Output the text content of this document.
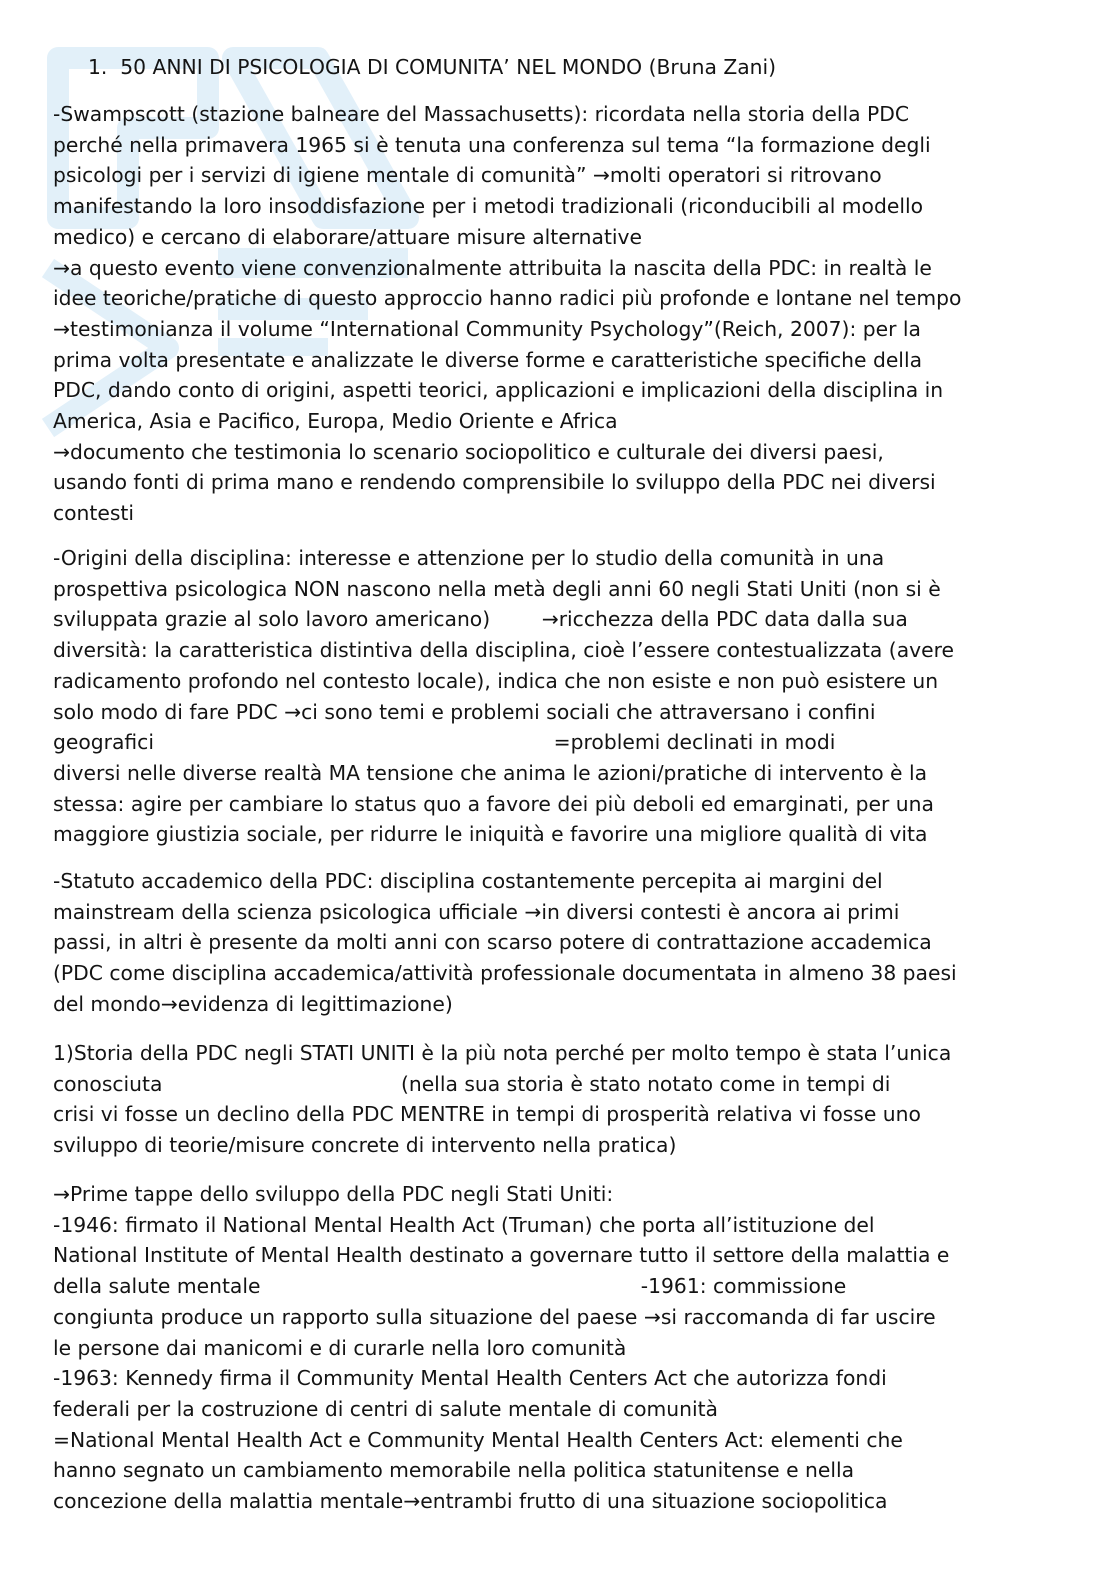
1.  50 ANNI DI PSICOLOGIA DI COMUNITA’ NEL MONDO (Bruna Zani)
-Swampscott (stazione balneare del Massachusetts): ricordata nella storia della PDC
perché nella primavera 1965 si è tenuta una conferenza sul tema “la formazione degli
psicologi per i servizi di igiene mentale di comunità” →molti operatori si ritrovano
manifestando la loro insoddisfazione per i metodi tradizionali (riconducibili al modello
medico) e cercano di elaborare/attuare misure alternative
→a questo evento viene convenzionalmente attribuita la nascita della PDC: in realtà le
idee teoriche/pratiche di questo approccio hanno radici più profonde e lontane nel tempo
→testimonianza il volume “International Community Psychology”(Reich, 2007): per la
prima volta presentate e analizzate le diverse forme e caratteristiche specifiche della
PDC, dando conto di origini, aspetti teorici, applicazioni e implicazioni della disciplina in
America, Asia e Pacifico, Europa, Medio Oriente e Africa
→documento che testimonia lo scenario sociopolitico e culturale dei diversi paesi,
usando fonti di prima mano e rendendo comprensibile lo sviluppo della PDC nei diversi
contesti
-Origini della disciplina: interesse e attenzione per lo studio della comunità in una
prospettiva psicologica NON nascono nella metà degli anni 60 negli Stati Uniti (non si è
sviluppata grazie al solo lavoro americano)        →ricchezza della PDC data dalla sua
diversità: la caratteristica distintiva della disciplina, cioè l’essere contestualizzata (avere
radicamento profondo nel contesto locale), indica che non esiste e non può esistere un
solo modo di fare PDC →ci sono temi e problemi sociali che attraversano i confini
geografici                                                              =problemi declinati in modi
diversi nelle diverse realtà MA tensione che anima le azioni/pratiche di intervento è la
stessa: agire per cambiare lo status quo a favore dei più deboli ed emarginati, per una
maggiore giustizia sociale, per ridurre le iniquità e favorire una migliore qualità di vita
-Statuto accademico della PDC: disciplina costantemente percepita ai margini del
mainstream della scienza psicologica ufficiale →in diversi contesti è ancora ai primi
passi, in altri è presente da molti anni con scarso potere di contrattazione accademica
(PDC come disciplina accademica/attività professionale documentata in almeno 38 paesi
del mondo→evidenza di legittimazione)
1)Storia della PDC negli STATI UNITI è la più nota perché per molto tempo è stata l’unica
conosciuta                                     (nella sua storia è stato notato come in tempi di
crisi vi fosse un declino della PDC MENTRE in tempi di prosperità relativa vi fosse uno
sviluppo di teorie/misure concrete di intervento nella pratica)
→Prime tappe dello sviluppo della PDC negli Stati Uniti:
-1946: firmato il National Mental Health Act (Truman) che porta all’istituzione del
National Institute of Mental Health destinato a governare tutto il settore della malattia e
della salute mentale                                                           -1961: commissione
congiunta produce un rapporto sulla situazione del paese →si raccomanda di far uscire
le persone dai manicomi e di curarle nella loro comunità
-1963: Kennedy firma il Community Mental Health Centers Act che autorizza fondi
federali per la costruzione di centri di salute mentale di comunità
=National Mental Health Act e Community Mental Health Centers Act: elementi che
hanno segnato un cambiamento memorabile nella politica statunitense e nella
concezione della malattia mentale→entrambi frutto di una situazione sociopolitica
